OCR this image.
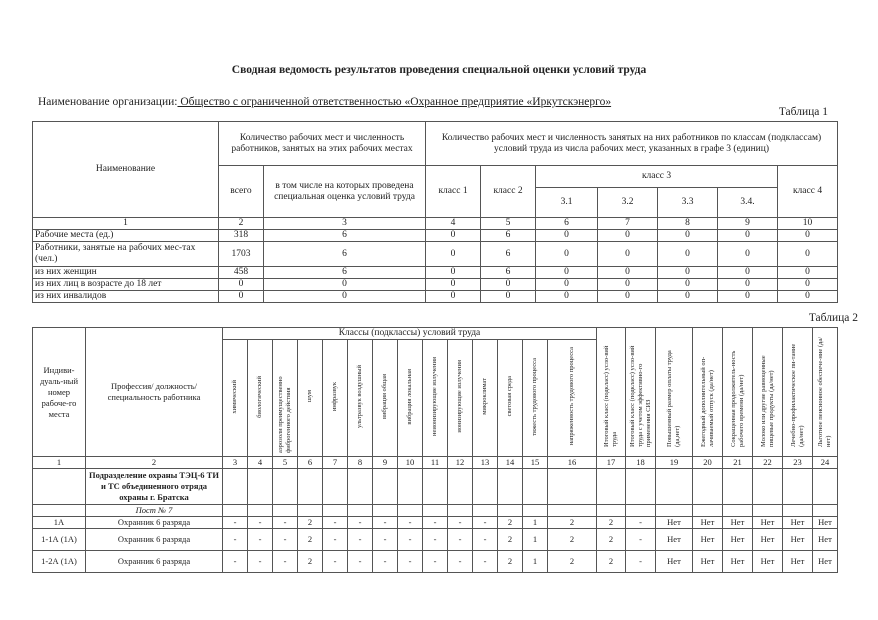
Сводная ведомость результатов проведения специальной оценки условий труда
Наименование организации: Общество с ограниченной ответственностью «Охранное предприятие «Иркутскэнерго»
Таблица 1
Наименование	Количество рабочих мест и численность работников, занятых на этих рабочих местах		Количество рабочих мест и численность занятых на них работников по классам (подклассам) условий труда из числа рабочих мест, указанных в графе 3 (единиц)						
	всего	в том числе на которых проведена специальная оценка условий труда	класс 1	класс 2	класс 3				класс 4
					3.1	3.2	3.3	3.4.	
1	2	3	4	5	6	7	8	9	10
Рабочие места (ед.)	318	6	0	6	0	0	0	0	0
Работники, занятые на рабочих мес-тах (чел.)	1703	6	0	6	0	0	0	0	0
из них женщин	458	6	0	6	0	0	0	0	0
из них лиц в возрасте до 18 лет	0	0	0	0	0	0	0	0	0
из них инвалидов	0	0	0	0	0	0	0	0	0
Таблица 2
Индиви-дуаль-ный номер рабоче-го места	Профессия/ должность/ специальность работника	Классы (подклассы) условий труда														Итоговый класс (подкласс) усло-вий труда	Итоговый класс (подкласс) усло-вий труда с учетом эффективно-го применения СИЗ	Повышенный размер оплаты труда (да,нет)	Ежегодный дополнительный оп-лачиваемый отпуск (да/нет)	Сокращенная продолжитель-ность рабочего времени (да/нет)	Молоко или другие равноценные пищевые продукты (да/нет)	Лечебно-профилактическое пи-тание (да/нет)	Льготное пенсионное обеспече-ние (да/нет)
		химический	биологический	аэрозоли преимущественно фиброгенного действия	шум	инфразвук	ультразвук воздушный	вибрация общая	вибрация локальная	неионизирующие излучения	ионизирующие излучения	микроклимат	световая среда	тяжесть трудового процесса	напряженность трудового процесса								
1	2	3	4	5	6	7	8	9	10	11	12	13	14	15	16	17	18	19	20	21	22	23	24
	Подразделение охраны ТЭЦ-6 ТИ и ТС объединенного отряда охраны г. Братска																						
	Пост № 7																						
1А	Охранник 6 разряда	-	-	-	2	-	-	-	-	-	-	-	2	1	2	2	-	Нет	Нет	Нет	Нет	Нет	Нет
1-1А (1А)	Охранник 6 разряда	-	-	-	2	-	-	-	-	-	-	-	2	1	2	2	-	Нет	Нет	Нет	Нет	Нет	Нет
1-2А (1А)	Охранник 6 разряда	-	-	-	2	-	-	-	-	-	-	-	2	1	2	2	-	Нет	Нет	Нет	Нет	Нет	Нет
